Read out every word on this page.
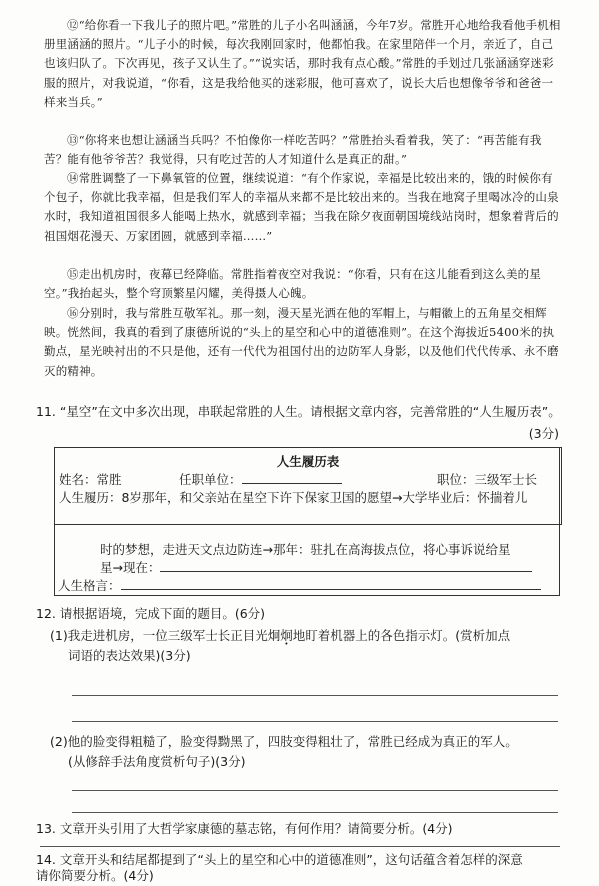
⑫“给你看一下我儿子的照片吧。”常胜的儿子小名叫涵涵，今年7岁。常胜开心地给我看他手机相册里涵涵的照片。“儿子小的时候，每次我刚回家时，他都怕我。在家里陪伴一个月，亲近了，自己也该归队了。下次再见，孩子又认生了。”“说实话，那时我有点心酸。”常胜的手划过几张涵涵穿迷彩服的照片，对我说道，“你看，这是我给他买的迷彩服，他可喜欢了，说长大后也想像爷爷和爸爸一样来当兵。”

⑬“你将来也想让涵涵当兵吗？不怕像你一样吃苦吗？”常胜抬头看着我，笑了：“再苦能有我苦？能有他爷爷苦？我觉得，只有吃过苦的人才知道什么是真正的甜。”

⑭常胜调整了一下鼻氧管的位置，继续说道：“有个作家说，幸福是比较出来的，饿的时候你有个包子，你就比我幸福，但是我们军人的幸福从来都不是比较出来的。当我在地窝子里喝冰冷的山泉水时，我知道祖国很多人能喝上热水，就感到幸福；当我在除夕夜面朝国境线站岗时，想象着背后的祖国烟花漫天、万家团圆，就感到幸福……”

⑮走出机房时，夜幕已经降临。常胜指着夜空对我说：“你看，只有在这儿能看到这么美的星空。”我抬起头，整个穹顶繁星闪耀，美得摄人心魄。

⑯分别时，我与常胜互敬军礼。那一刻，漫天星光洒在他的军帽上，与帽徽上的五角星交相辉映。恍然间，我真的看到了康德所说的“头上的星空和心中的道德准则”。在这个海拔近5400米的执勤点，星光映衬出的不只是他，还有一代代为祖国付出的边防军人身影，以及他们代代传承、永不磨灭的精神。

11. “星空”在文中多次出现，串联起常胜的人生。请根据文章内容，完善常胜的“人生履历表”。

(3分)
人生履历表
姓名：常胜	任职单位：	职位：三级军士长
人生履历：8岁那年，和父亲站在星空下许下保家卫国的愿望→大学毕业后：怀揣着儿
时的梦想，走进天文点边防连→那年：驻扎在高海拔点位，将心事诉说给星
星→现在：
人生格言：

12. 请根据语境，完成下面的题目。(6分)

(1)我走进机房，一位三级军士长正目光炯炯地盯着机器上的各色指示灯。(赏析加点

词语的表达效果)(3分)

(2)他的脸变得粗糙了，脸变得黝黑了，四肢变得粗壮了，常胜已经成为真正的军人。

(从修辞手法角度赏析句子)(3分)

13. 文章开头引用了大哲学家康德的墓志铭，有何作用？请简要分析。(4分)

14. 文章开头和结尾都提到了“头上的星空和心中的道德准则”，这句话蕴含着怎样的深意

请你简要分析。(4分)
